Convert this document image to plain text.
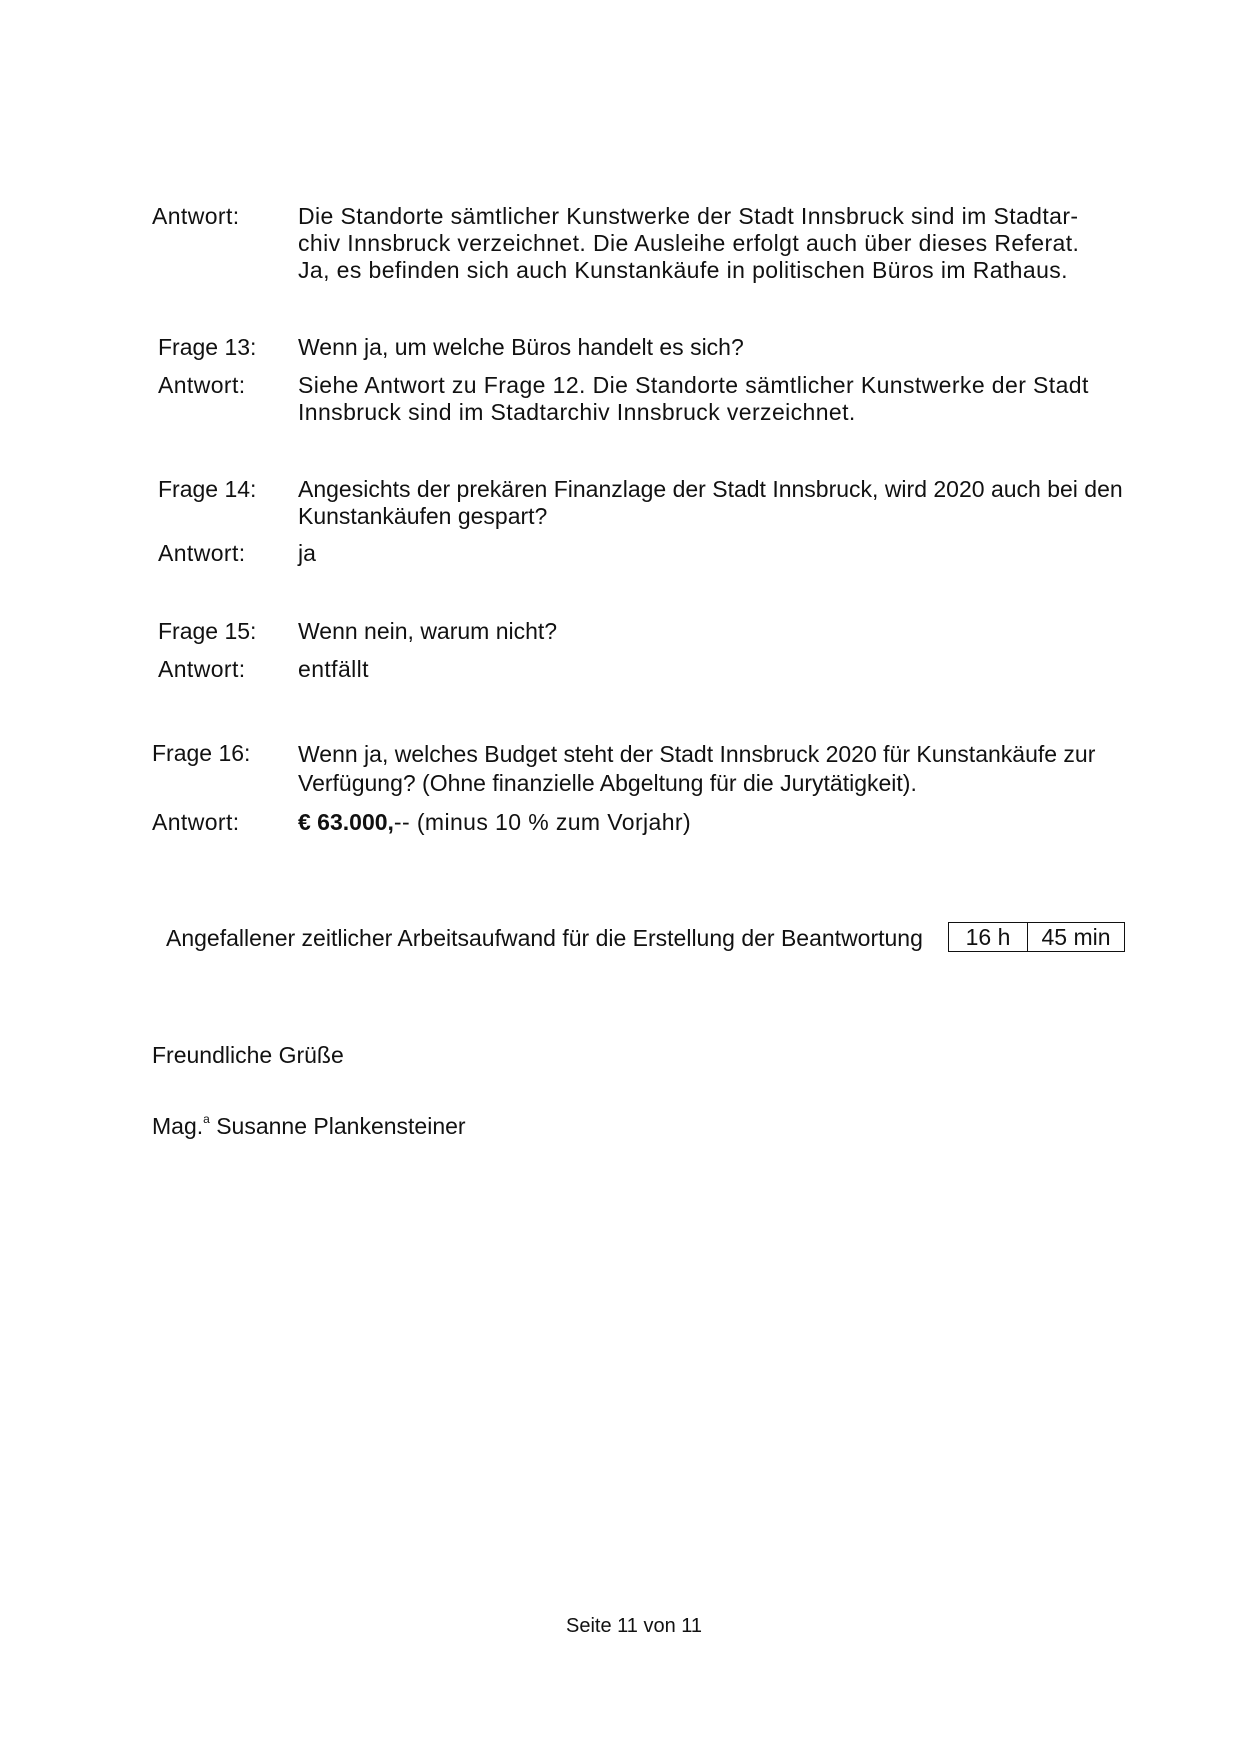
Antwort:	Die Standorte sämtlicher Kunstwerke der Stadt Innsbruck sind im Stadtar-
chiv Innsbruck verzeichnet. Die Ausleihe erfolgt auch über dieses Referat.
Ja, es befinden sich auch Kunstankäufe in politischen Büros im Rathaus.
Frage 13: Wenn ja, um welche Büros handelt es sich?
Antwort: Siehe Antwort zu Frage 12. Die Standorte sämtlicher Kunstwerke der Stadt
Innsbruck sind im Stadtarchiv Innsbruck verzeichnet.
Frage 14: Angesichts der prekären Finanzlage der Stadt Innsbruck, wird 2020 auch bei den
Kunstankäufen gespart?
Antwort: ja
Frage 15: Wenn nein, warum nicht?
Antwort: entfällt
Frage 16: Wenn ja, welches Budget steht der Stadt Innsbruck 2020 für Kunstankäufe zur
Verfügung? (Ohne finanzielle Abgeltung für die Jurytätigkeit).
Antwort:	€ 63.000,-- (minus 10 % zum Vorjahr)
Angefallener zeitlicher Arbeitsaufwand für die Erstellung der Beantwortung	16 h	45 min
Freundliche Grüße
Mag.$^a$ Susanne Plankensteiner
Seite 11 von 11
